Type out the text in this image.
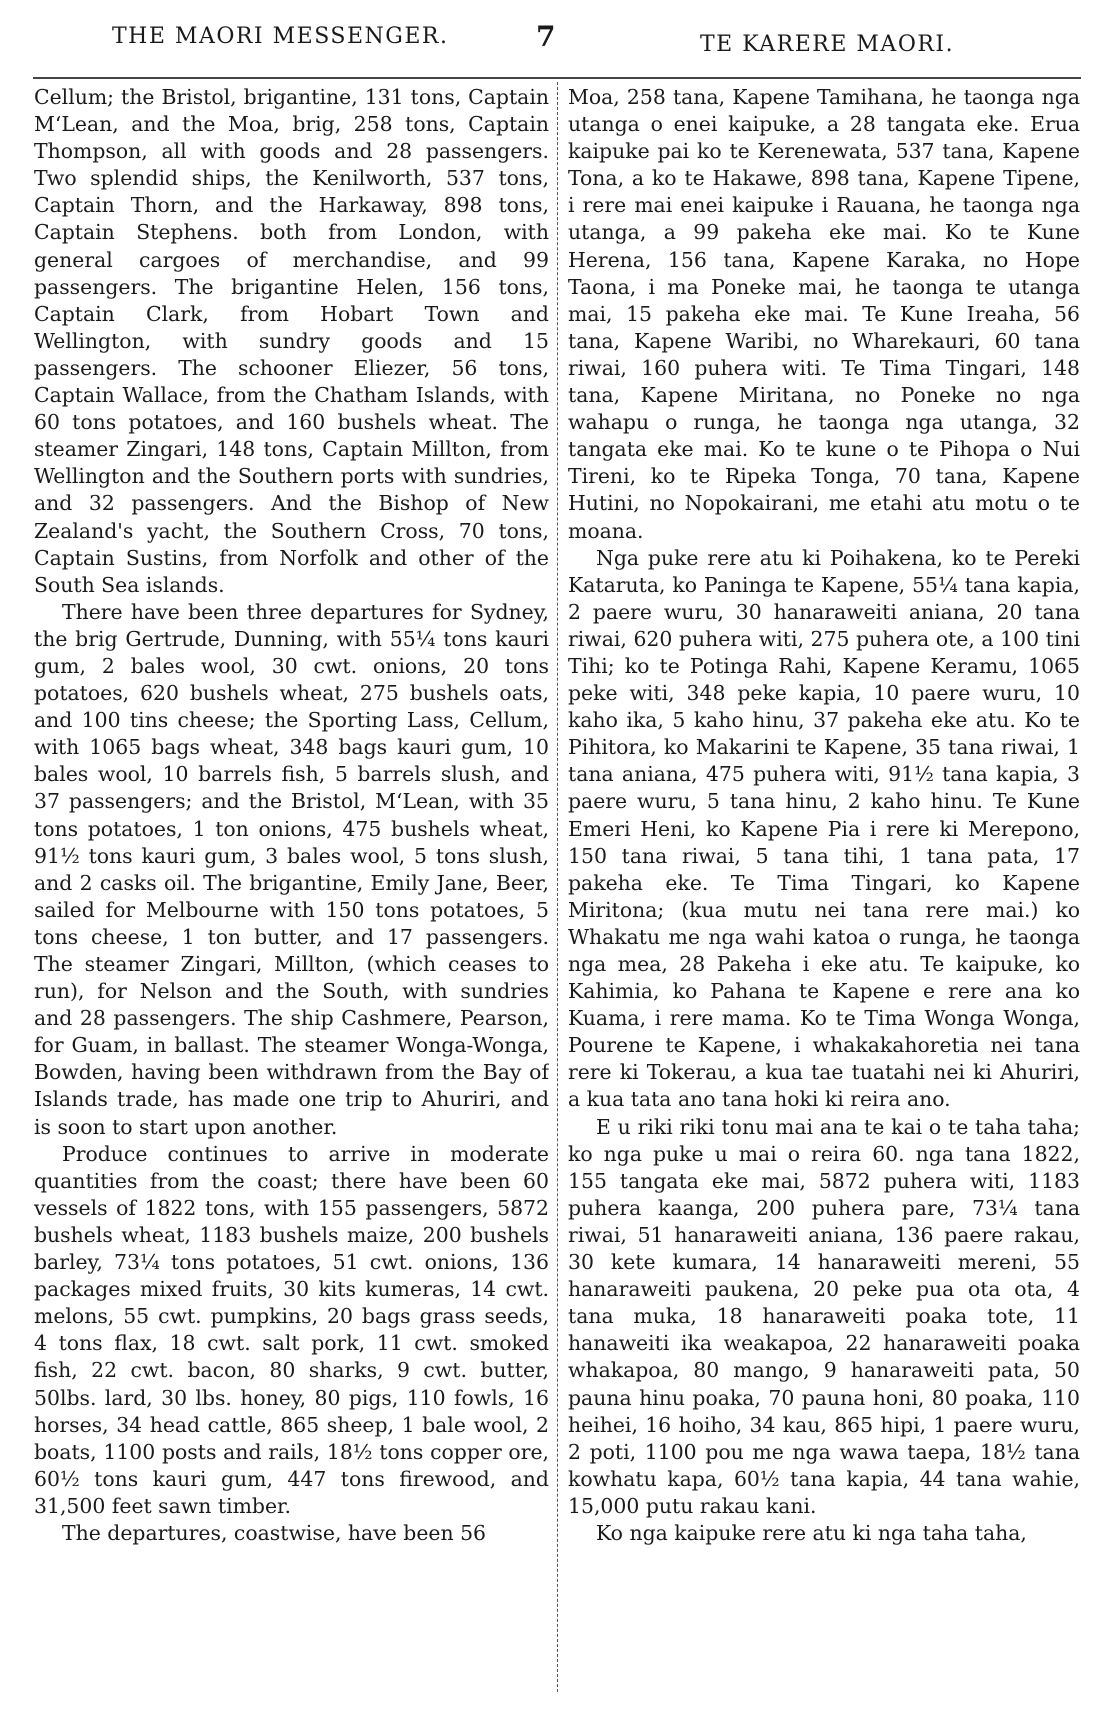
THE MAORI MESSENGER.	7	TE KARERE MAORI.

Cellum; the Bristol, brigantine, 131 tons, Captain M‘Lean, and the Moa, brig, 258 tons, Captain Thompson, all with goods and 28 passengers. Two splendid ships, the Kenilworth, 537 tons, Captain Thorn, and the Harkaway, 898 tons, Captain Stephens. both from London, with general cargoes of merchandise, and 99 passengers. The brigantine Helen, 156 tons, Captain Clark, from Hobart Town and Wellington, with sundry goods and 15 passengers. The schooner Eliezer, 56 tons, Captain Wallace, from the Chatham Islands, with 60 tons potatoes, and 160 bushels wheat. The steamer Zingari, 148 tons, Captain Millton, from Wellington and the Southern ports with sundries, and 32 passengers. And the Bishop of New Zealand's yacht, the Southern Cross, 70 tons, Captain Sustins, from Norfolk and other of the South Sea islands.

There have been three departures for Sydney, the brig Gertrude, Dunning, with 55¼ tons kauri gum, 2 bales wool, 30 cwt. onions, 20 tons potatoes, 620 bushels wheat, 275 bushels oats, and 100 tins cheese; the Sporting Lass, Cellum, with 1065 bags wheat, 348 bags kauri gum, 10 bales wool, 10 barrels fish, 5 barrels slush, and 37 passengers; and the Bristol, M‘Lean, with 35 tons potatoes, 1 ton onions, 475 bushels wheat, 91½ tons kauri gum, 3 bales wool, 5 tons slush, and 2 casks oil. The brigantine, Emily Jane, Beer, sailed for Melbourne with 150 tons potatoes, 5 tons cheese, 1 ton butter, and 17 passengers. The steamer Zingari, Millton, (which ceases to run), for Nelson and the South, with sundries and 28 passengers. The ship Cashmere, Pearson, for Guam, in ballast. The steamer Wonga-Wonga, Bowden, having been withdrawn from the Bay of Islands trade, has made one trip to Ahuriri, and is soon to start upon another.

Produce continues to arrive in moderate quantities from the coast; there have been 60 vessels of 1822 tons, with 155 passengers, 5872 bushels wheat, 1183 bushels maize, 200 bushels barley, 73¼ tons potatoes, 51 cwt. onions, 136 packages mixed fruits, 30 kits kumeras, 14 cwt. melons, 55 cwt. pumpkins, 20 bags grass seeds, 4 tons flax, 18 cwt. salt pork, 11 cwt. smoked fish, 22 cwt. bacon, 80 sharks, 9 cwt. butter, 50lbs. lard, 30 lbs. honey, 80 pigs, 110 fowls, 16 horses, 34 head cattle, 865 sheep, 1 bale wool, 2 boats, 1100 posts and rails, 18½ tons copper ore, 60½ tons kauri gum, 447 tons firewood, and 31,500 feet sawn timber.

The departures, coastwise, have been 56

Moa, 258 tana, Kapene Tamihana, he taonga nga utanga o enei kaipuke, a 28 tangata eke. Erua kaipuke pai ko te Kerenewata, 537 tana, Kapene Tona, a ko te Hakawe, 898 tana, Kapene Tipene, i rere mai enei kaipuke i Rauana, he taonga nga utanga, a 99 pakeha eke mai. Ko te Kune Herena, 156 tana, Kapene Karaka, no Hope Taona, i ma Poneke mai, he taonga te utanga mai, 15 pakeha eke mai. Te Kune Ireaha, 56 tana, Kapene Waribi, no Wharekauri, 60 tana riwai, 160 puhera witi. Te Tima Tingari, 148 tana, Kapene Miritana, no Poneke no nga wahapu o runga, he taonga nga utanga, 32 tangata eke mai. Ko te kune o te Pihopa o Nui Tireni, ko te Ripeka Tonga, 70 tana, Kapene Hutini, no Nopokairani, me etahi atu motu o te moana.

Nga puke rere atu ki Poihakena, ko te Pereki Kataruta, ko Paninga te Kapene, 55¼ tana kapia, 2 paere wuru, 30 hanaraweiti aniana, 20 tana riwai, 620 puhera witi, 275 puhera ote, a 100 tini Tihi; ko te Potinga Rahi, Kapene Keramu, 1065 peke witi, 348 peke kapia, 10 paere wuru, 10 kaho ika, 5 kaho hinu, 37 pakeha eke atu. Ko te Pihitora, ko Makarini te Kapene, 35 tana riwai, 1 tana aniana, 475 puhera witi, 91½ tana kapia, 3 paere wuru, 5 tana hinu, 2 kaho hinu. Te Kune Emeri Heni, ko Kapene Pia i rere ki Merepono, 150 tana riwai, 5 tana tihi, 1 tana pata, 17 pakeha eke. Te Tima Tingari, ko Kapene Miritona; (kua mutu nei tana rere mai.) ko Whakatu me nga wahi katoa o runga, he taonga nga mea, 28 Pakeha i eke atu. Te kaipuke, ko Kahimia, ko Pahana te Kapene e rere ana ko Kuama, i rere mama. Ko te Tima Wonga Wonga, Pourene te Kapene, i whakakahoretia nei tana rere ki Tokerau, a kua tae tuatahi nei ki Ahuriri, a kua tata ano tana hoki ki reira ano.

E u riki riki tonu mai ana te kai o te taha taha; ko nga puke u mai o reira 60. nga tana 1822, 155 tangata eke mai, 5872 puhera witi, 1183 puhera kaanga, 200 puhera pare, 73¼ tana riwai, 51 hanaraweiti aniana, 136 paere rakau, 30 kete kumara, 14 hanaraweiti mereni, 55 hanaraweiti paukena, 20 peke pua ota ota, 4 tana muka, 18 hanaraweiti poaka tote, 11 hanaweiti ika weakapoa, 22 hanaraweiti poaka whakapoa, 80 mango, 9 hanaraweiti pata, 50 pauna hinu poaka, 70 pauna honi, 80 poaka, 110 heihei, 16 hoiho, 34 kau, 865 hipi, 1 paere wuru, 2 poti, 1100 pou me nga wawa taepa, 18½ tana kowhatu kapa, 60½ tana kapia, 44 tana wahie, 15,000 putu rakau kani.

Ko nga kaipuke rere atu ki nga taha taha,
